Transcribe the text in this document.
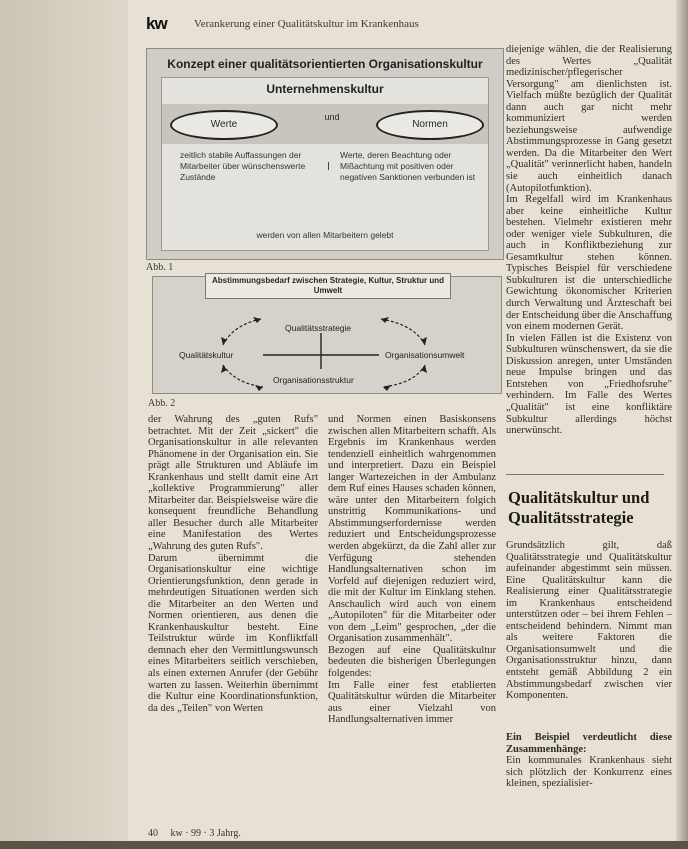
kw Verankerung einer Qualitätskultur im Krankenhaus
Konzept einer qualitätsorientierten Organisationskultur
Unternehmenskultur
Werte
und
Normen
zeitlich stabile Auffassungen der Mitarbeiter über wünschenswerte Zustände
Werte, deren Beachtung oder Mißachtung mit positiven oder negativen Sanktionen verbunden ist
werden von allen Mitarbeitern gelebt
Abb. 1
Abstimmungsbedarf zwischen Strategie, Kultur, Struktur und Umwelt
Qualitätsstrategie
Qualitätskultur	Organisationsumwelt
Organisationsstruktur
Abb. 2

der Wahrung des „guten Rufs" betrachtet. Mit der Zeit „sickert" die Organisationskultur in alle relevanten Phänomene in der Organisation ein. Sie prägt alle Strukturen und Abläufe im Krankenhaus und stellt damit eine Art „kollektive Programmierung" aller Mitarbeiter dar. Beispielsweise wäre die konsequent freundliche Behandlung aller Besucher durch alle Mitarbeiter eine Manifestation des Wertes „Wahrung des guten Rufs".

Darum übernimmt die Organisationskultur eine wichtige Orientierungsfunktion, denn gerade in mehrdeutigen Situationen werden sich die Mitarbeiter an den Werten und Normen orientieren, aus denen die Krankenhauskultur besteht. Eine Teilstruktur würde im Konfliktfall demnach eher den Vermittlungswunsch eines Mitarbeiters seitlich verschieben, als einen externen Anrufer (der Gebühr warten zu lassen. Weiterhin übernimmt die Kultur eine Koordinationsfunktion, da des „Teilen" von Werten

und Normen einen Basiskonsens zwischen allen Mitarbeitern schafft. Als Ergebnis im Krankenhaus werden tendenziell einheitlich wahrgenommen und interpretiert. Dazu ein Beispiel langer Wartezeichen in der Ambulanz dem Ruf eines Hauses schaden können, wäre unter den Mitarbeitern folgich unstrittig Kommunikations- und Abstimmungserfordernisse werden reduziert und Entscheidungsprozesse werden abgekürzt, da die Zahl aller zur Verfügung stehenden Handlungsalternativen schon im Vorfeld auf diejenigen reduziert wird, die mit der Kultur im Einklang stehen. Anschaulich wird auch von einem „Autopiloten" für die Mitarbeiter oder von dem „Leim" gesprochen, „der die Organisation zusammenhält".

Bezogen auf eine Qualitätskultur bedeuten die bisherigen Überlegungen folgendes:

Im Falle einer fest etablierten Qualitätskultur würden die Mitarbeiter aus einer Vielzahl von Handlungsalternativen immer

diejenige wählen, die der Realisierung des Wertes „Qualität medizinischer/pflegerischer Versorgung" am dienlichsten ist. Vielfach müßte bezüglich der Qualität dann auch gar nicht mehr kommuniziert werden beziehungsweise aufwendige Abstimmungsprozesse in Gang gesetzt werden. Da die Mitarbeiter den Wert „Qualität" verinnerlicht haben, handeln sie auch einheitlich danach (Autopilotfunktion).

Im Regelfall wird im Krankenhaus aber keine einheitliche Kultur bestehen. Vielmehr existieren mehr oder weniger viele Subkulturen, die auch in Konfliktbeziehung zur Gesamtkultur stehen können. Typisches Beispiel für verschiedene Subkulturen ist die unterschiedliche Gewichtung ökonomischer Kriterien durch Verwaltung und Ärzteschaft bei der Entscheidung über die Anschaffung von einem modernen Gerät.

In vielen Fällen ist die Existenz von Subkulturen wünschenswert, da sie die Diskussion anregen, unter Umständen neue Impulse bringen und das Entstehen von „Friedhofsruhe" verhindern. Im Falle des Wertes „Qualität" ist eine konfliktäre Subkultur allerdings höchst unerwünscht.

Qualitätskultur und Qualitätsstrategie

Grundsätzlich gilt, daß Qualitätsstrategie und Qualitätskultur aufeinander abgestimmt sein müssen. Eine Qualitätskultur kann die Realisierung einer Qualitätsstrategie im Krankenhaus entscheidend unterstützen oder – bei ihrem Fehlen – entscheidend behindern. Nimmt man als weitere Faktoren die Organisationsumwelt und die Organisationsstruktur hinzu, dann entsteht gemäß Abbildung 2 ein Abstimmungsbedarf zwischen vier Komponenten.

Ein Beispiel verdeutlicht diese Zusammenhänge:

Ein kommunales Krankenhaus sieht sich plötzlich der Konkurrenz eines kleinen, spezialisier-

40 kw · 99 · 3 Jahrg.
